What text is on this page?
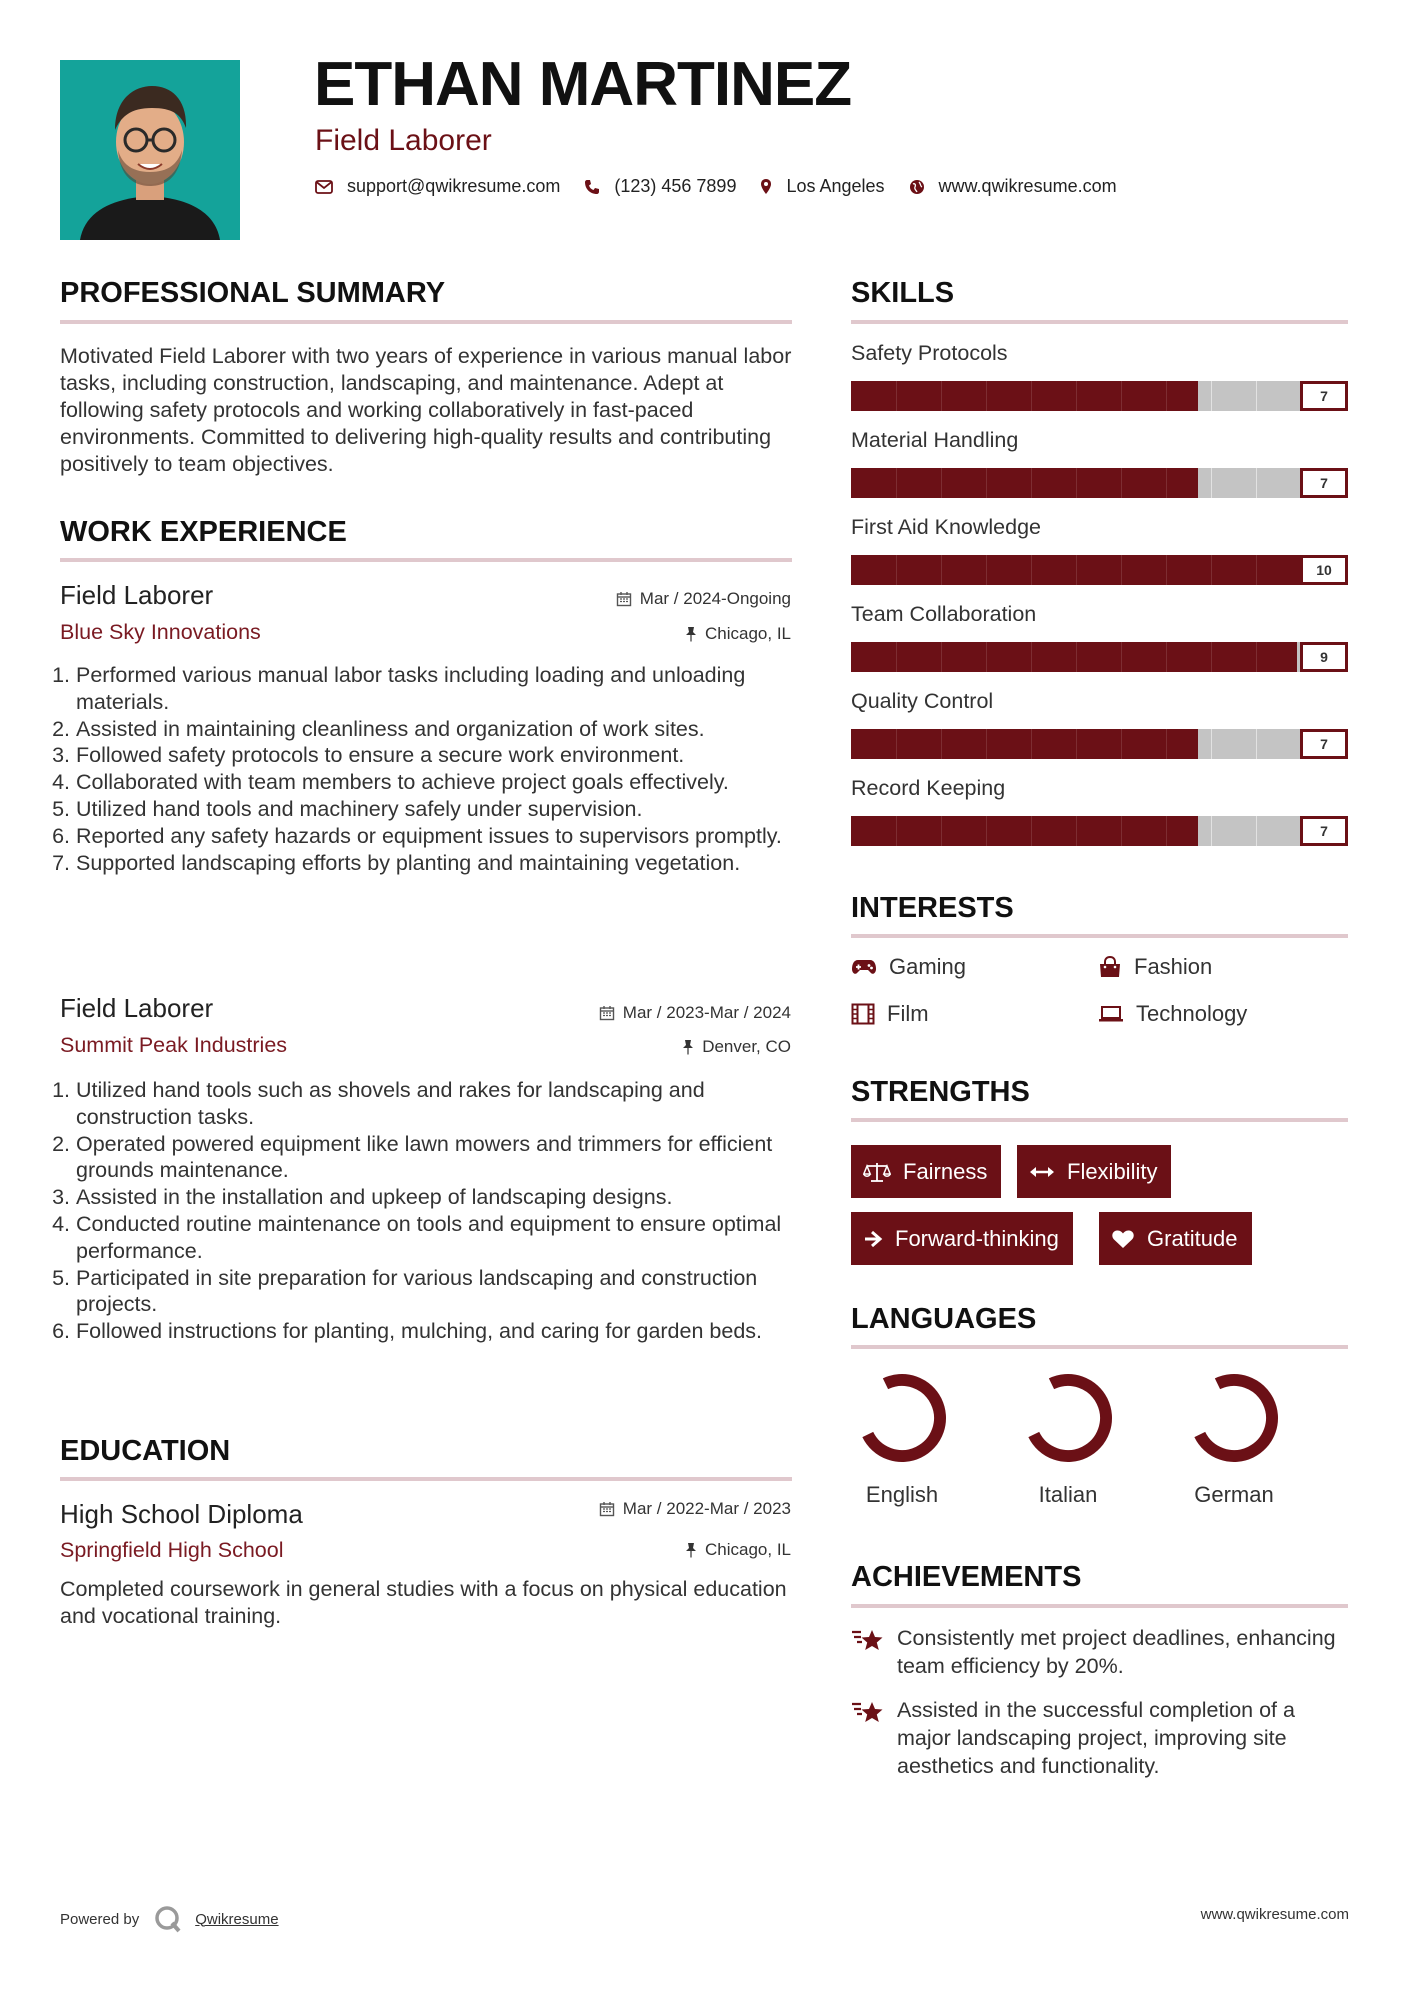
ETHAN MARTINEZ
Field Laborer
support@qwikresume.com	(123) 456 7899	Los Angeles	www.qwikresume.com
PROFESSIONAL SUMMARY

Motivated Field Laborer with two years of experience in various manual labor tasks, including construction, landscaping, and maintenance. Adept at following safety protocols and working collaboratively in fast-paced environments. Committed to delivering high-quality results and contributing positively to team objectives.

WORK EXPERIENCE
Field Laborer	Mar / 2024-Ongoing
Blue Sky Innovations	Chicago, IL
1. Performed various manual labor tasks including loading and unloading materials.
2. Assisted in maintaining cleanliness and organization of work sites.
3. Followed safety protocols to ensure a secure work environment.
4. Collaborated with team members to achieve project goals effectively.
5. Utilized hand tools and machinery safely under supervision.
6. Reported any safety hazards or equipment issues to supervisors promptly.
7. Supported landscaping efforts by planting and maintaining vegetation.
Field Laborer	Mar / 2023-Mar / 2024
Summit Peak Industries	Denver, CO
1. Utilized hand tools such as shovels and rakes for landscaping and construction tasks.
2. Operated powered equipment like lawn mowers and trimmers for efficient grounds maintenance.
3. Assisted in the installation and upkeep of landscaping designs.
4. Conducted routine maintenance on tools and equipment to ensure optimal performance.
5. Participated in site preparation for various landscaping and construction projects.
6. Followed instructions for planting, mulching, and caring for garden beds.
EDUCATION
High School Diploma	Mar / 2022-Mar / 2023
Springfield High School	Chicago, IL

Completed coursework in general studies with a focus on physical education and vocational training.

SKILLS
Safety Protocols
7
Material Handling
7
First Aid Knowledge
10
Team Collaboration
9
Quality Control
7
Record Keeping
7
INTERESTS
Gaming	Fashion
Film	Technology
STRENGTHS
Fairness	Flexibility
Forward-thinking	Gratitude
LANGUAGES
English	Italian	German
ACHIEVEMENTS
Consistently met project deadlines, enhancing team efficiency by 20%.
Assisted in the successful completion of a major landscaping project, improving site aesthetics and functionality.
Powered by	Qwikresume	www.qwikresume.com
